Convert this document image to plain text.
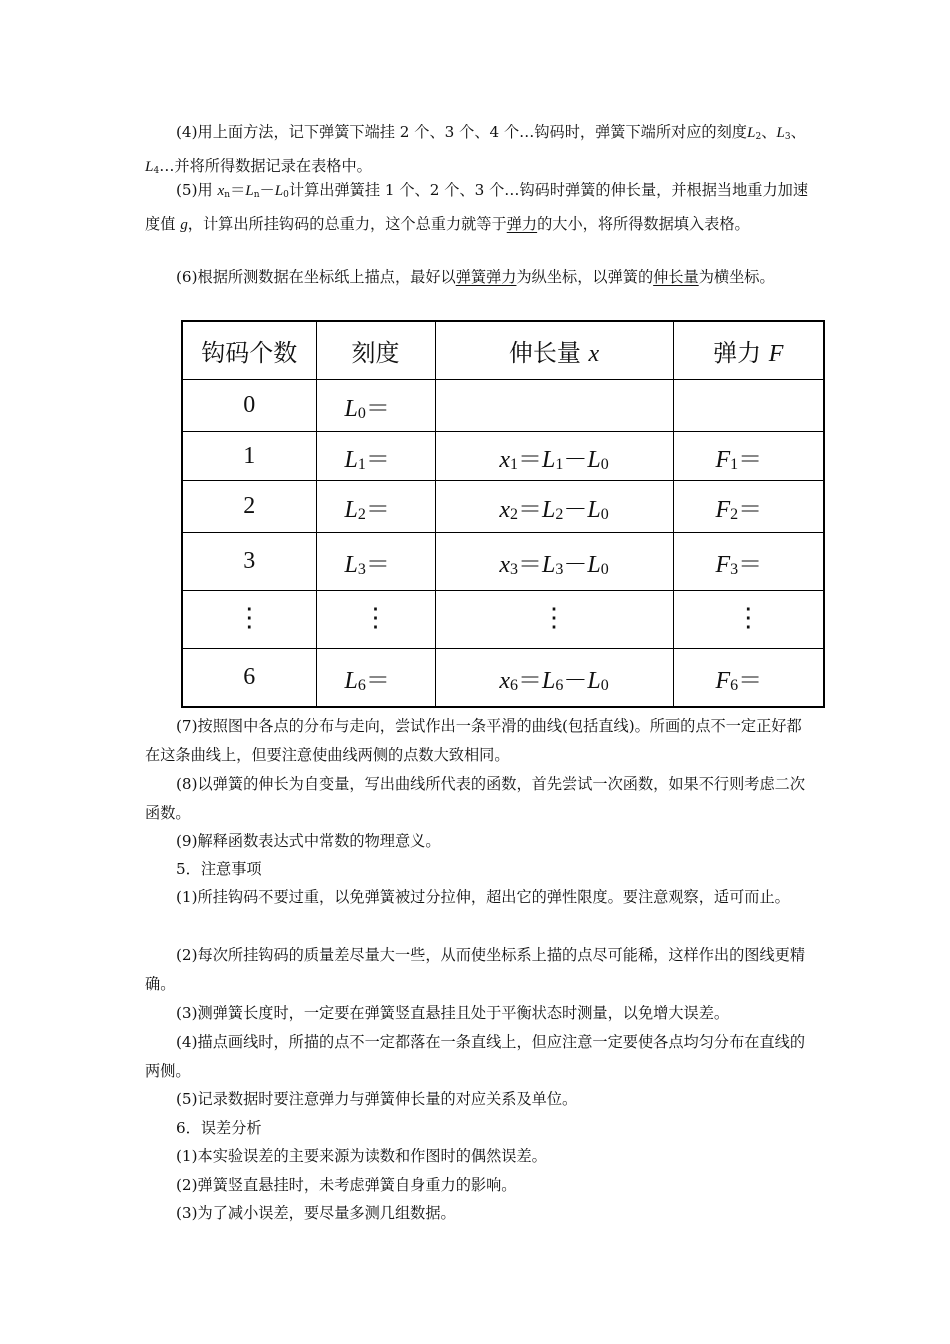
(4)用上面方法，记下弹簧下端挂 2 个、3 个、4 个…钩码时，弹簧下端所对应的刻度$L_2$、$L_3$、$L_4\dots$并将所得数据记录在表格中。

(5)用 $x_n=L_n-L_0$计算出弹簧挂 1 个、2 个、3 个…钩码时弹簧的伸长量，并根据当地重力加速度值 g，计算出所挂钩码的总重力，这个总重力就等于弹力的大小，将所得数据填入表格。

(6)根据所测数据在坐标纸上描点，最好以弹簧弹力为纵坐标，以弹簧的伸长量为横坐标。

钩码个数	刻度	伸长量 x	弹力 F
0	$L_0=$		
1	$L_1=$	$x_1=L_1-L_0$	$F_1=$
2	$L_2=$	$x_2=L_2-L_0$	$F_2=$
3	$L_3=$	$x_3=L_3-L_0$	$F_3=$
⋮	⋮	⋮	⋮
6	$L_6=$	$x_6=L_6-L_0$	$F_6=$

(7)按照图中各点的分布与走向，尝试作出一条平滑的曲线(包括直线)。所画的点不一定正好都在这条曲线上，但要注意使曲线两侧的点数大致相同。

(8)以弹簧的伸长为自变量，写出曲线所代表的函数，首先尝试一次函数，如果不行则考虑二次函数。

(9)解释函数表达式中常数的物理意义。

5．注意事项

(1)所挂钩码不要过重，以免弹簧被过分拉伸，超出它的弹性限度。要注意观察，适可而止。

(2)每次所挂钩码的质量差尽量大一些，从而使坐标系上描的点尽可能稀，这样作出的图线更精确。

(3)测弹簧长度时，一定要在弹簧竖直悬挂且处于平衡状态时测量，以免增大误差。

(4)描点画线时，所描的点不一定都落在一条直线上，但应注意一定要使各点均匀分布在直线的两侧。

(5)记录数据时要注意弹力与弹簧伸长量的对应关系及单位。

6．误差分析

(1)本实验误差的主要来源为读数和作图时的偶然误差。

(2)弹簧竖直悬挂时，未考虑弹簧自身重力的影响。

(3)为了减小误差，要尽量多测几组数据。
